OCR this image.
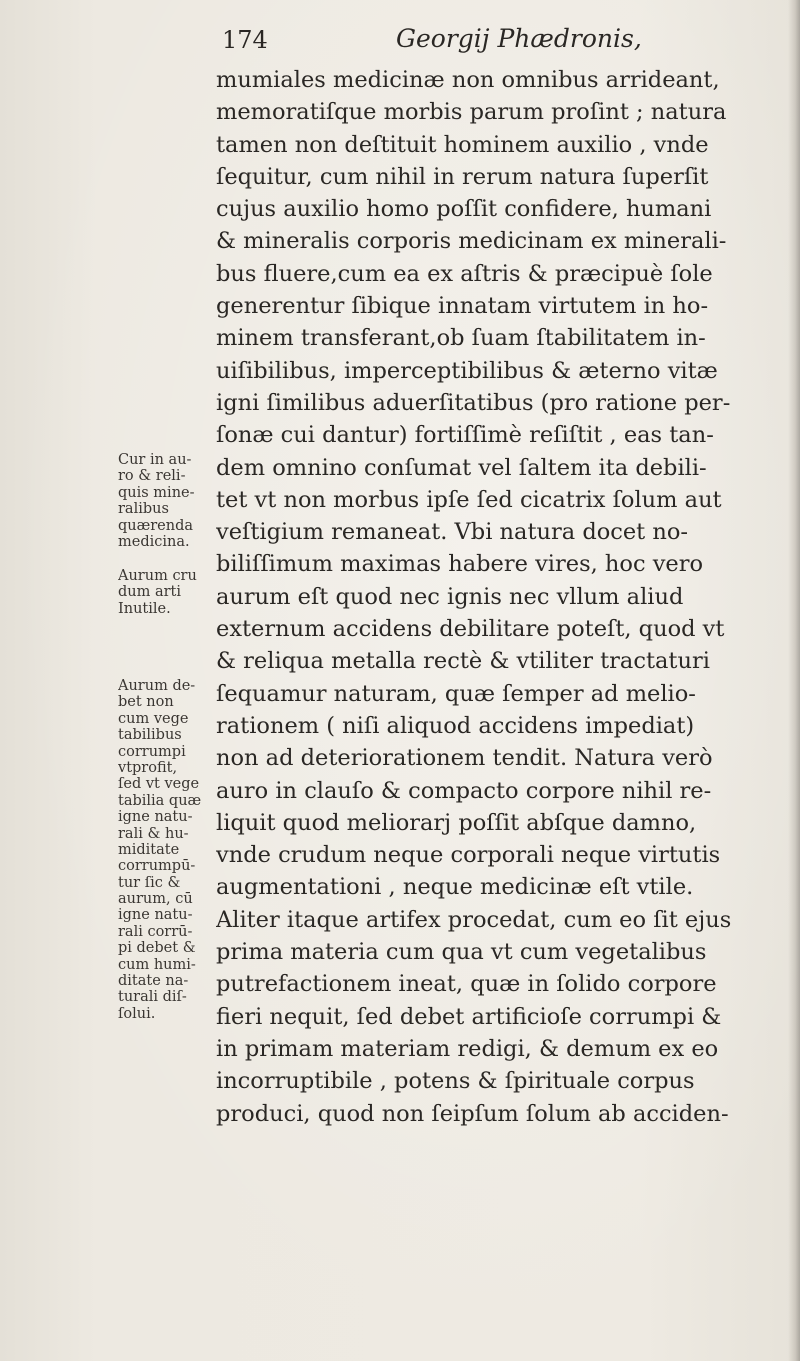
174	Georgij Phædronis,
mumiales medicinæ non omnibus arrideant,
memoratiſque morbis parum proſint ; natura
tamen non deſtituit hominem auxilio , vnde
ſequitur, cum nihil in rerum natura ſuperſit
cujus auxilio homo poſſit confidere, humani
& mineralis corporis medicinam ex minerali-
bus fluere,cum ea ex aſtris & præcipuè ſole
generentur ſibique innatam virtutem in ho-
minem transferant,ob ſuam ſtabilitatem in-
uiſibilibus, imperceptibilibus & æterno vitæ
igni ſimilibus aduerſitatibus (pro ratione per-
ſonæ cui dantur) fortiſſimè reſiſtit , eas tan-
dem omnino conſumat vel ſaltem ita debili-
tet vt non morbus ipſe ſed cicatrix ſolum aut
veſtigium remaneat. Vbi natura docet no-
biliſſimum maximas habere vires, hoc vero
aurum eſt quod nec ignis nec vllum aliud
externum accidens debilitare poteſt, quod vt
& reliqua metalla rectè & vtiliter tractaturi
ſequamur naturam, quæ ſemper ad melio-
rationem ( niſi aliquod accidens impediat)
non ad deteriorationem tendit. Natura verò
auro in clauſo & compacto corpore nihil re-
liquit quod meliorarj poſſit abſque damno,
vnde crudum neque corporali neque virtutis
augmentationi , neque medicinæ eſt vtile.
Aliter itaque artifex procedat, cum eo ſit ejus
prima materia cum qua vt cum vegetalibus
putrefactionem ineat, quæ in ſolido corpore
fieri nequit, ſed debet artificioſe corrumpi &
in primam materiam redigi, & demum ex eo
incorruptibile , potens & ſpirituale corpus
produci, quod non ſeipſum ſolum ab acciden-
Cur in au-
ro & reli-
quis mine-
ralibus
quærenda
medicina.
Aurum cru
dum arti
Inutile.
Aurum de-
bet non
cum vege
tabilibus
corrumpi
vtprofit,
ſed vt vege
tabilia quæ
igne natu-
rali & hu-
miditate
corrumpū-
tur ſic &
aurum, cū
igne natu-
rali corrū-
pi debet &
cum humi-
ditate na-
turali diſ-
ſolui.
